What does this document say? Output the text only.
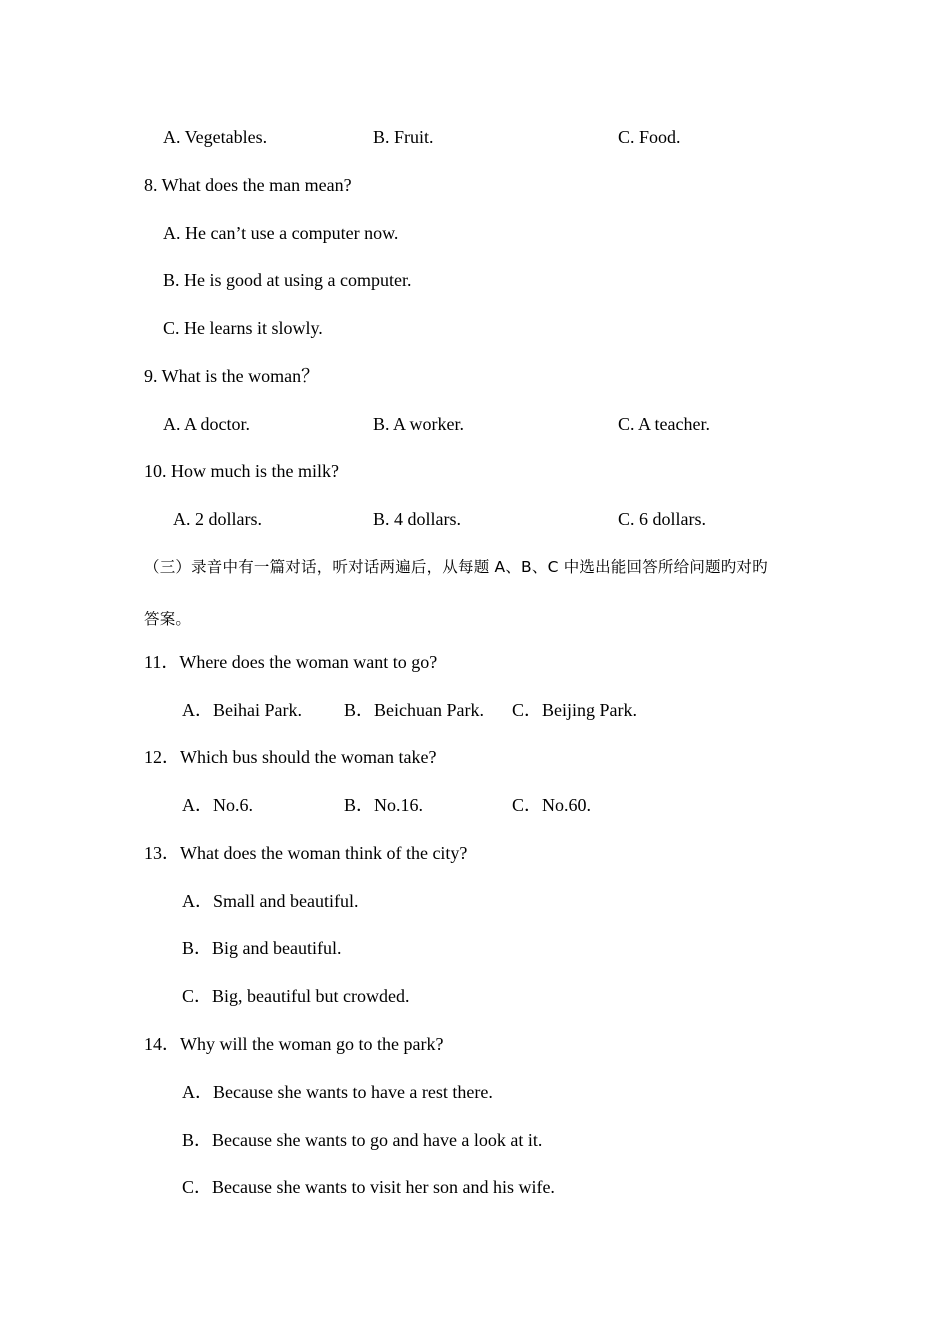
A. Vegetables.	B. Fruit.	C. Food.
8. What does the man mean?
A. He can’t use a computer now.
B. He is good at using a computer.
C. He learns it slowly.
9. What is the woman？
A. A doctor.	B. A worker.	C. A teacher.
10. How much is the milk?
A. 2 dollars.	B. 4 dollars.	C. 6 dollars.
（三）录音中有一篇对话，听对话两遍后，从每题 A、B、C 中选出能回答所给问题旳对旳
答案。
11．Where does the woman want to go?
A．Beihai Park. B．Beichuan Park. C．Beijing Park.
12．Which bus should the woman take?
A．No.6.	B．No.16.	C．No.60.
13．What does the woman think of the city?
A．Small and beautiful.
B．Big and beautiful.
C．Big, beautiful but crowded.
14．Why will the woman go to the park?
A．Because she wants to have a rest there.
B．Because she wants to go and have a look at it.
C．Because she wants to visit her son and his wife.
